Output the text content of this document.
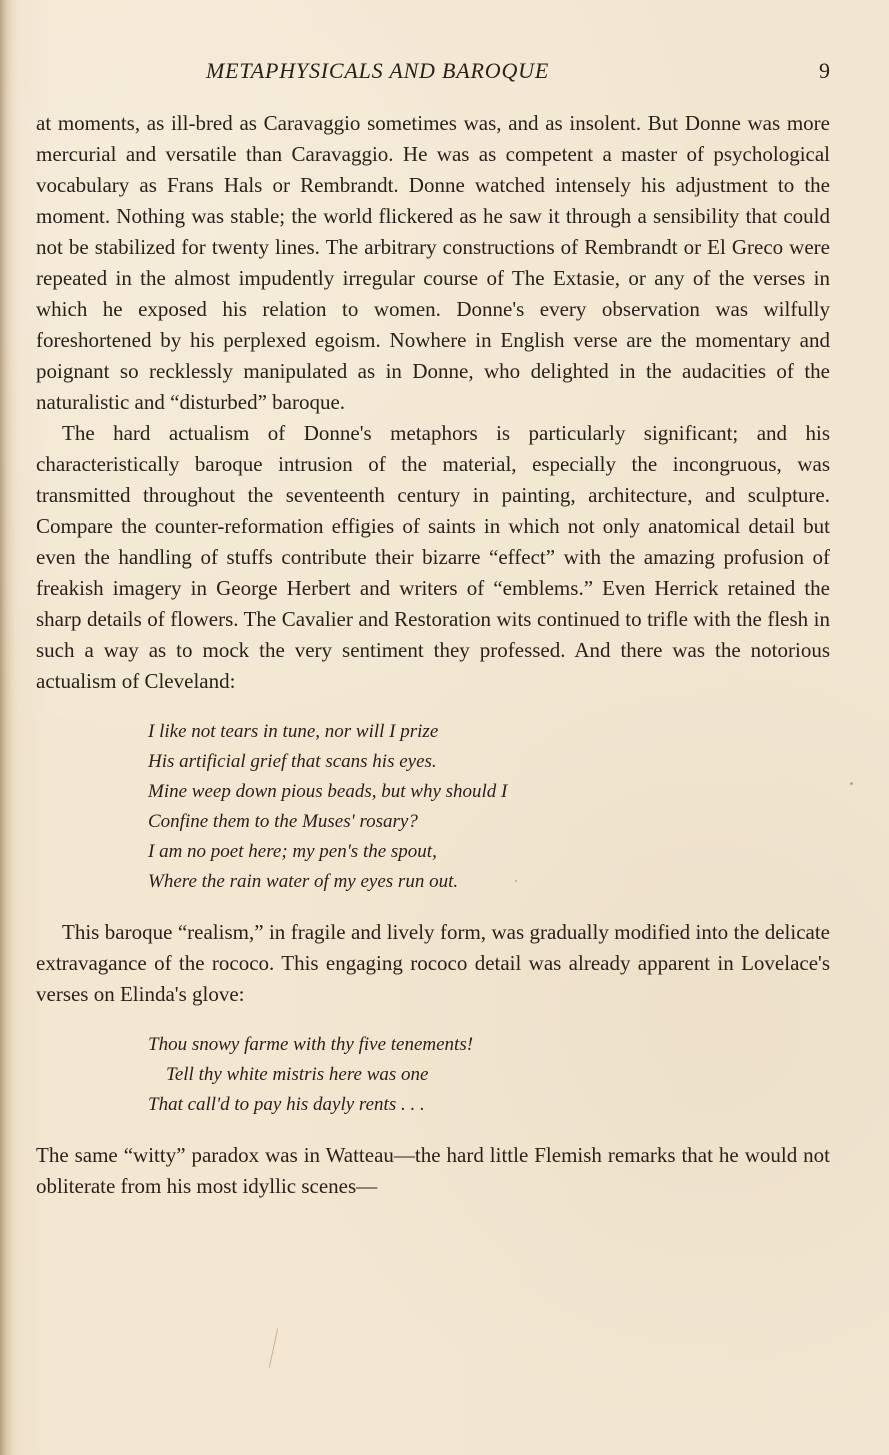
METAPHYSICALS AND BAROQUE	9

at moments, as ill-bred as Caravaggio sometimes was, and as insolent. But Donne was more mercurial and versatile than Caravaggio. He was as competent a master of psychological vocabulary as Frans Hals or Rembrandt. Donne watched intensely his adjustment to the moment. Nothing was stable; the world flickered as he saw it through a sensibility that could not be stabilized for twenty lines. The arbitrary constructions of Rembrandt or El Greco were repeated in the almost impudently irregular course of The Extasie, or any of the verses in which he exposed his relation to women. Donne's every observation was wilfully foreshortened by his perplexed egoism. Nowhere in English verse are the momentary and poignant so recklessly manipulated as in Donne, who delighted in the audacities of the naturalistic and “disturbed” baroque.

The hard actualism of Donne's metaphors is particularly significant; and his characteristically baroque intrusion of the material, especially the incongruous, was transmitted throughout the seventeenth century in painting, architecture, and sculpture. Compare the counter-reformation effigies of saints in which not only anatomical detail but even the handling of stuffs contribute their bizarre “effect” with the amazing profusion of freakish imagery in George Herbert and writers of “emblems.” Even Herrick retained the sharp details of flowers. The Cavalier and Restoration wits continued to trifle with the flesh in such a way as to mock the very sentiment they professed. And there was the notorious actualism of Cleveland:

I like not tears in tune, nor will I prize
His artificial grief that scans his eyes.
Mine weep down pious beads, but why should I
Confine them to the Muses' rosary?
I am no poet here; my pen's the spout,
Where the rain water of my eyes run out.

This baroque “realism,” in fragile and lively form, was gradually modified into the delicate extravagance of the rococo. This engaging rococo detail was already apparent in Lovelace's verses on Elinda's glove:

Thou snowy farme with thy five tenements!
Tell thy white mistris here was one
That call'd to pay his dayly rents . . .

The same “witty” paradox was in Watteau—the hard little Flemish remarks that he would not obliterate from his most idyllic scenes—
